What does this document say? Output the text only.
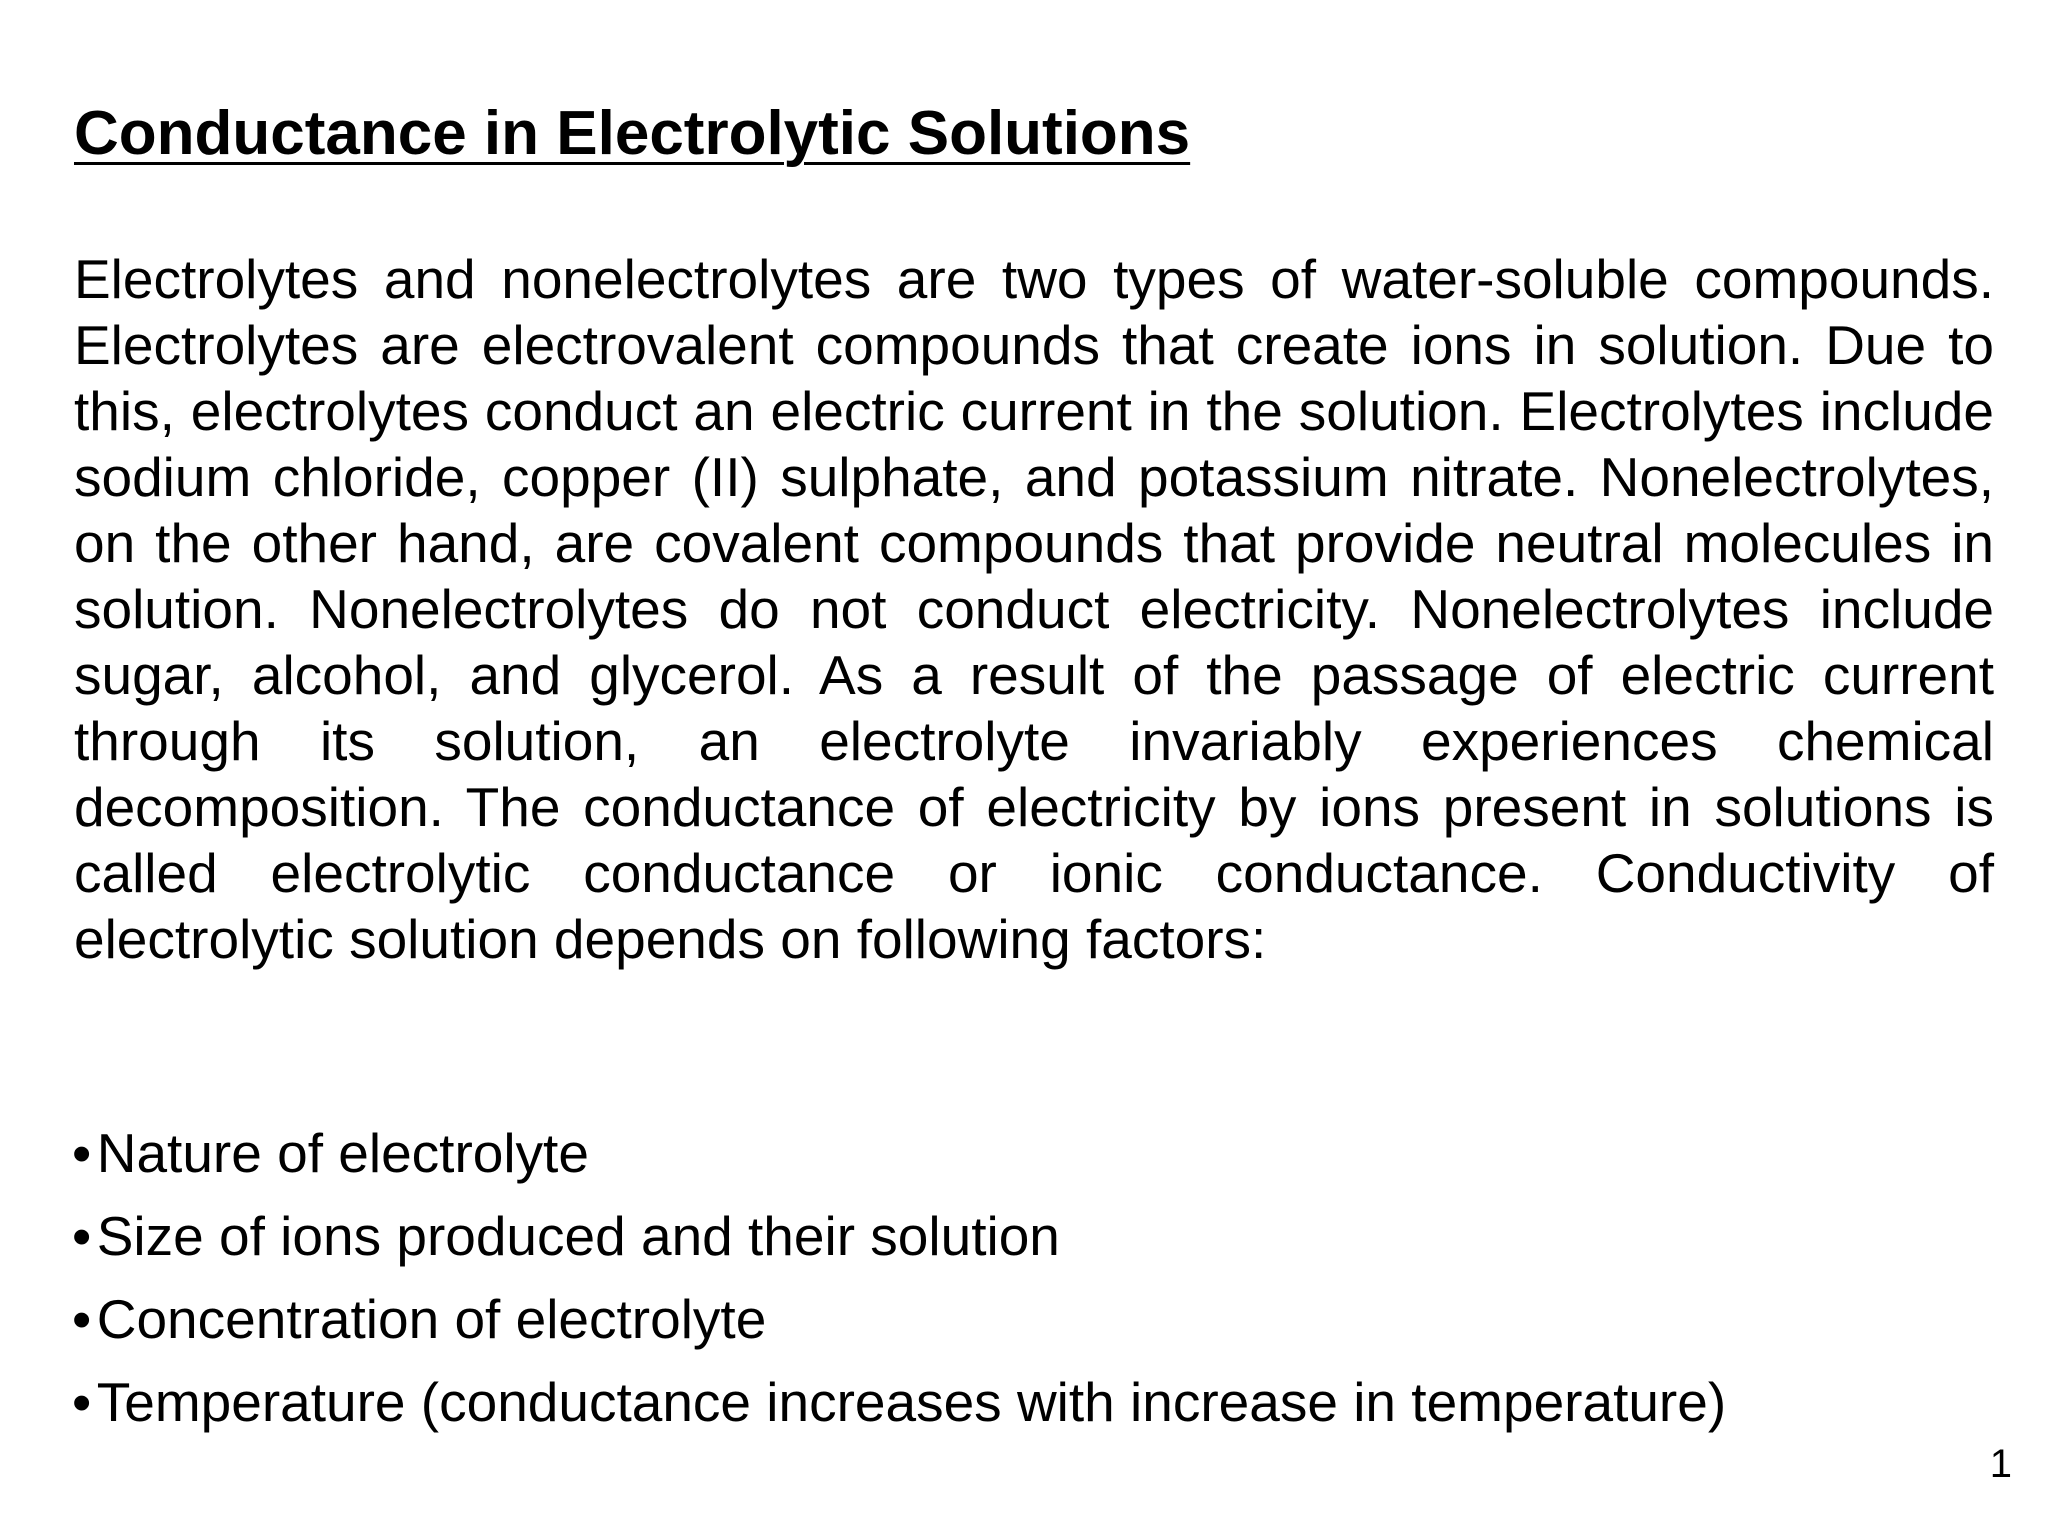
Conductance in Electrolytic Solutions

Electrolytes and nonelectrolytes are two types of water-soluble compounds. Electrolytes are electrovalent compounds that create ions in solution. Due to this, electrolytes conduct an electric current in the solution. Electrolytes include sodium chloride, copper (II) sulphate, and potassium nitrate. Nonelectrolytes, on the other hand, are covalent compounds that provide neutral molecules in solution. Nonelectrolytes do not conduct electricity. Nonelectrolytes include sugar, alcohol, and glycerol. As a result of the passage of electric current through its solution, an electrolyte invariably experiences chemical decomposition. The conductance of electricity by ions present in solutions is called electrolytic conductance or ionic conductance. Conductivity of electrolytic solution depends on following factors:

•Nature of electrolyte
•Size of ions produced and their solution
•Concentration of electrolyte
•Temperature (conductance increases with increase in temperature)
1
